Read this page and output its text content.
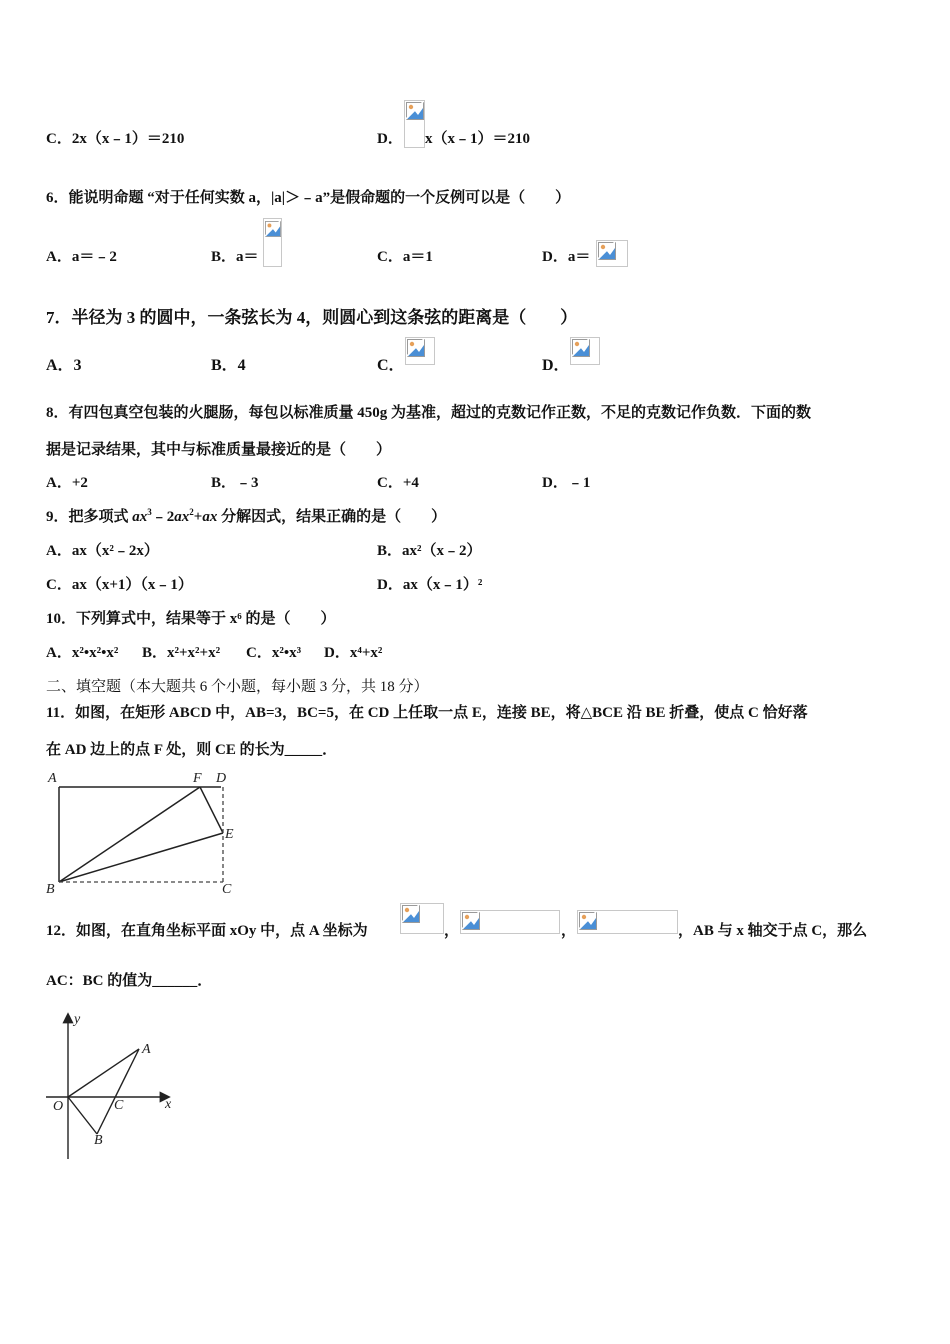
C．2x（x﹣1）＝210	D． x（x﹣1）＝210
6．能说明命题 “对于任何实数 a，|a|＞﹣a”是假命题的一个反例可以是（　　）
A．a＝﹣2	B．a＝	C．a＝1	D．a＝
7．半径为 3 的圆中，一条弦长为 4，则圆心到这条弦的距离是（　　）
A．3	B．4	C．	D．
8．有四包真空包装的火腿肠，每包以标准质量 450g 为基准，超过的克数记作正数，不足的克数记作负数．下面的数
据是记录结果，其中与标准质量最接近的是（　　）
A．+2	B．﹣3	C．+4	D．﹣1
9．把多项式 $ax^3﹣2ax^2+ax$ 分解因式，结果正确的是（　　）
A．ax（x²﹣2x）	B．ax²（x﹣2）
C．ax（x+1）（x﹣1）	D．ax（x﹣1）²
10．下列算式中，结果等于 x⁶ 的是（　　）
A．x²•x²•x² B．x²+x²+x² C．x²•x³ D．x⁴+x²
二、填空题（本大题共 6 个小题，每小题 3 分，共 18 分）
11．如图，在矩形 ABCD 中，AB=3，BC=5，在 CD 上任取一点 E，连接 BE，将△BCE 沿 BE 折叠，使点 C 恰好落
在 AD 边上的点 F 处，则 CE 的长为_____．
A	F D
E
B	C
12．如图，在直角坐标平面 xOy 中，点 A 坐标为	，	，	，AB 与 x 轴交于点 C，那么
AC：BC 的值为______．
y
x
O
A
B
C
